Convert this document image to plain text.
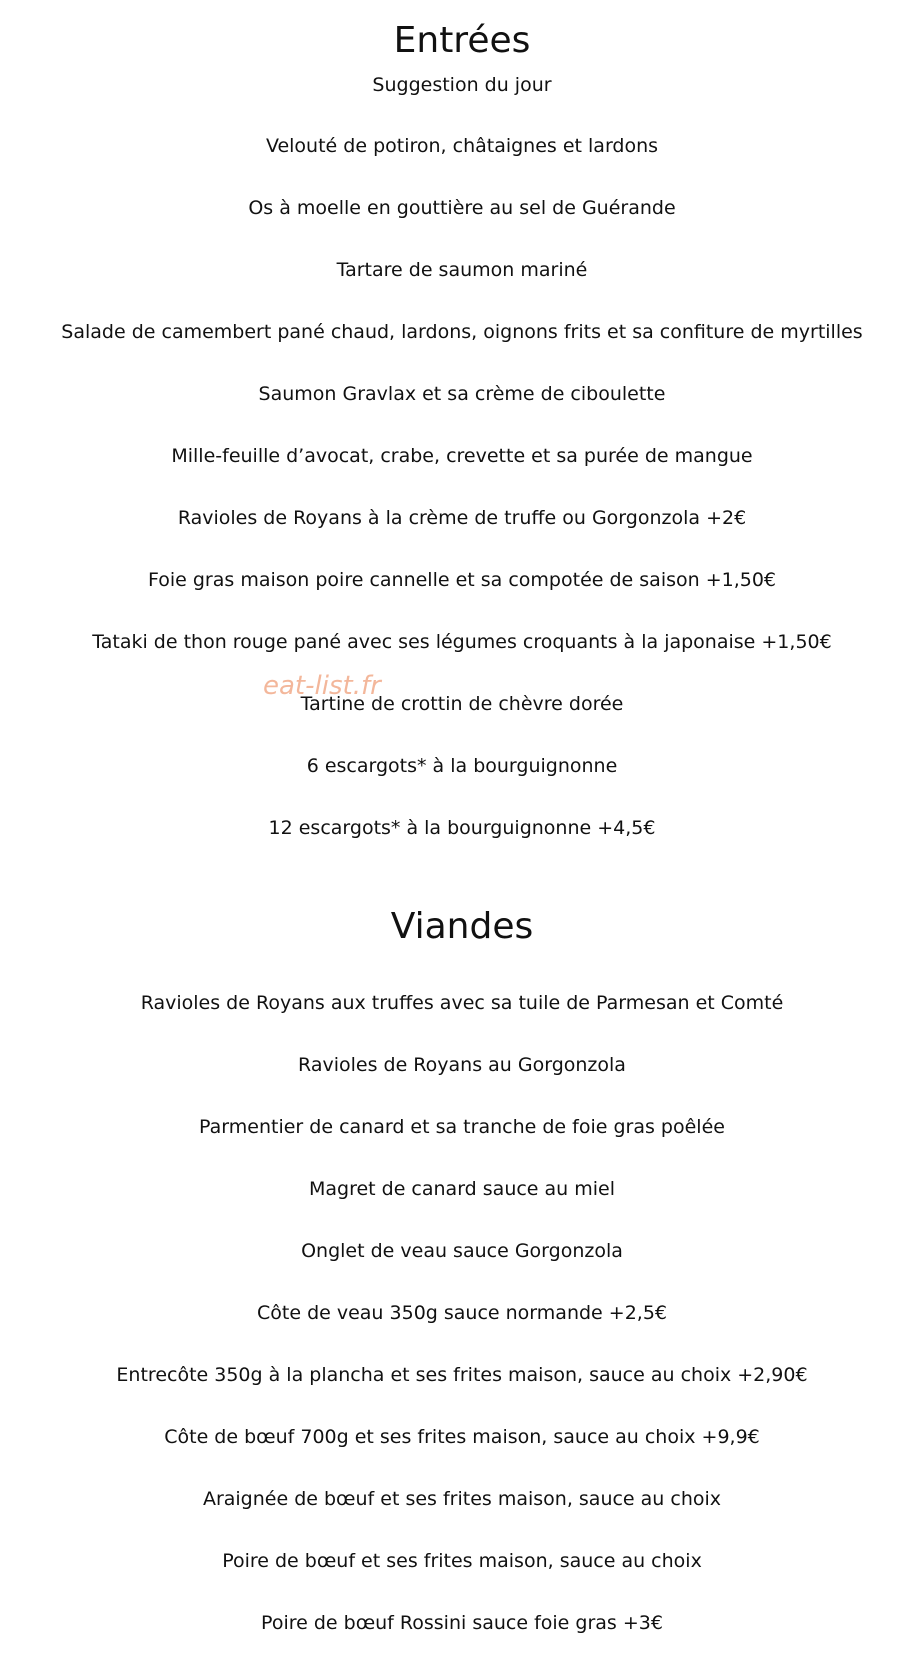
Entrées
Suggestion du jour
Velouté de potiron, châtaignes et lardons
Os à moelle en gouttière au sel de Guérande
Tartare de saumon mariné
Salade de camembert pané chaud, lardons, oignons frits et sa confiture de myrtilles
Saumon Gravlax et sa crème de ciboulette
Mille-feuille d’avocat, crabe, crevette et sa purée de mangue
Ravioles de Royans à la crème de truffe ou Gorgonzola +2€
Foie gras maison poire cannelle et sa compotée de saison +1,50€
Tataki de thon rouge pané avec ses légumes croquants à la japonaise +1,50€
Tartine de crottin de chèvre dorée
6 escargots* à la bourguignonne
12 escargots* à la bourguignonne +4,5€
Viandes
Ravioles de Royans aux truffes avec sa tuile de Parmesan et Comté
Ravioles de Royans au Gorgonzola
Parmentier de canard et sa tranche de foie gras poêlée
Magret de canard sauce au miel
Onglet de veau sauce Gorgonzola
Côte de veau 350g sauce normande +2,5€
Entrecôte 350g à la plancha et ses frites maison, sauce au choix +2,90€
Côte de bœuf 700g et ses frites maison, sauce au choix +9,9€
Araignée de bœuf et ses frites maison, sauce au choix
Poire de bœuf et ses frites maison, sauce au choix
Poire de bœuf Rossini sauce foie gras +3€
eat-list.fr
